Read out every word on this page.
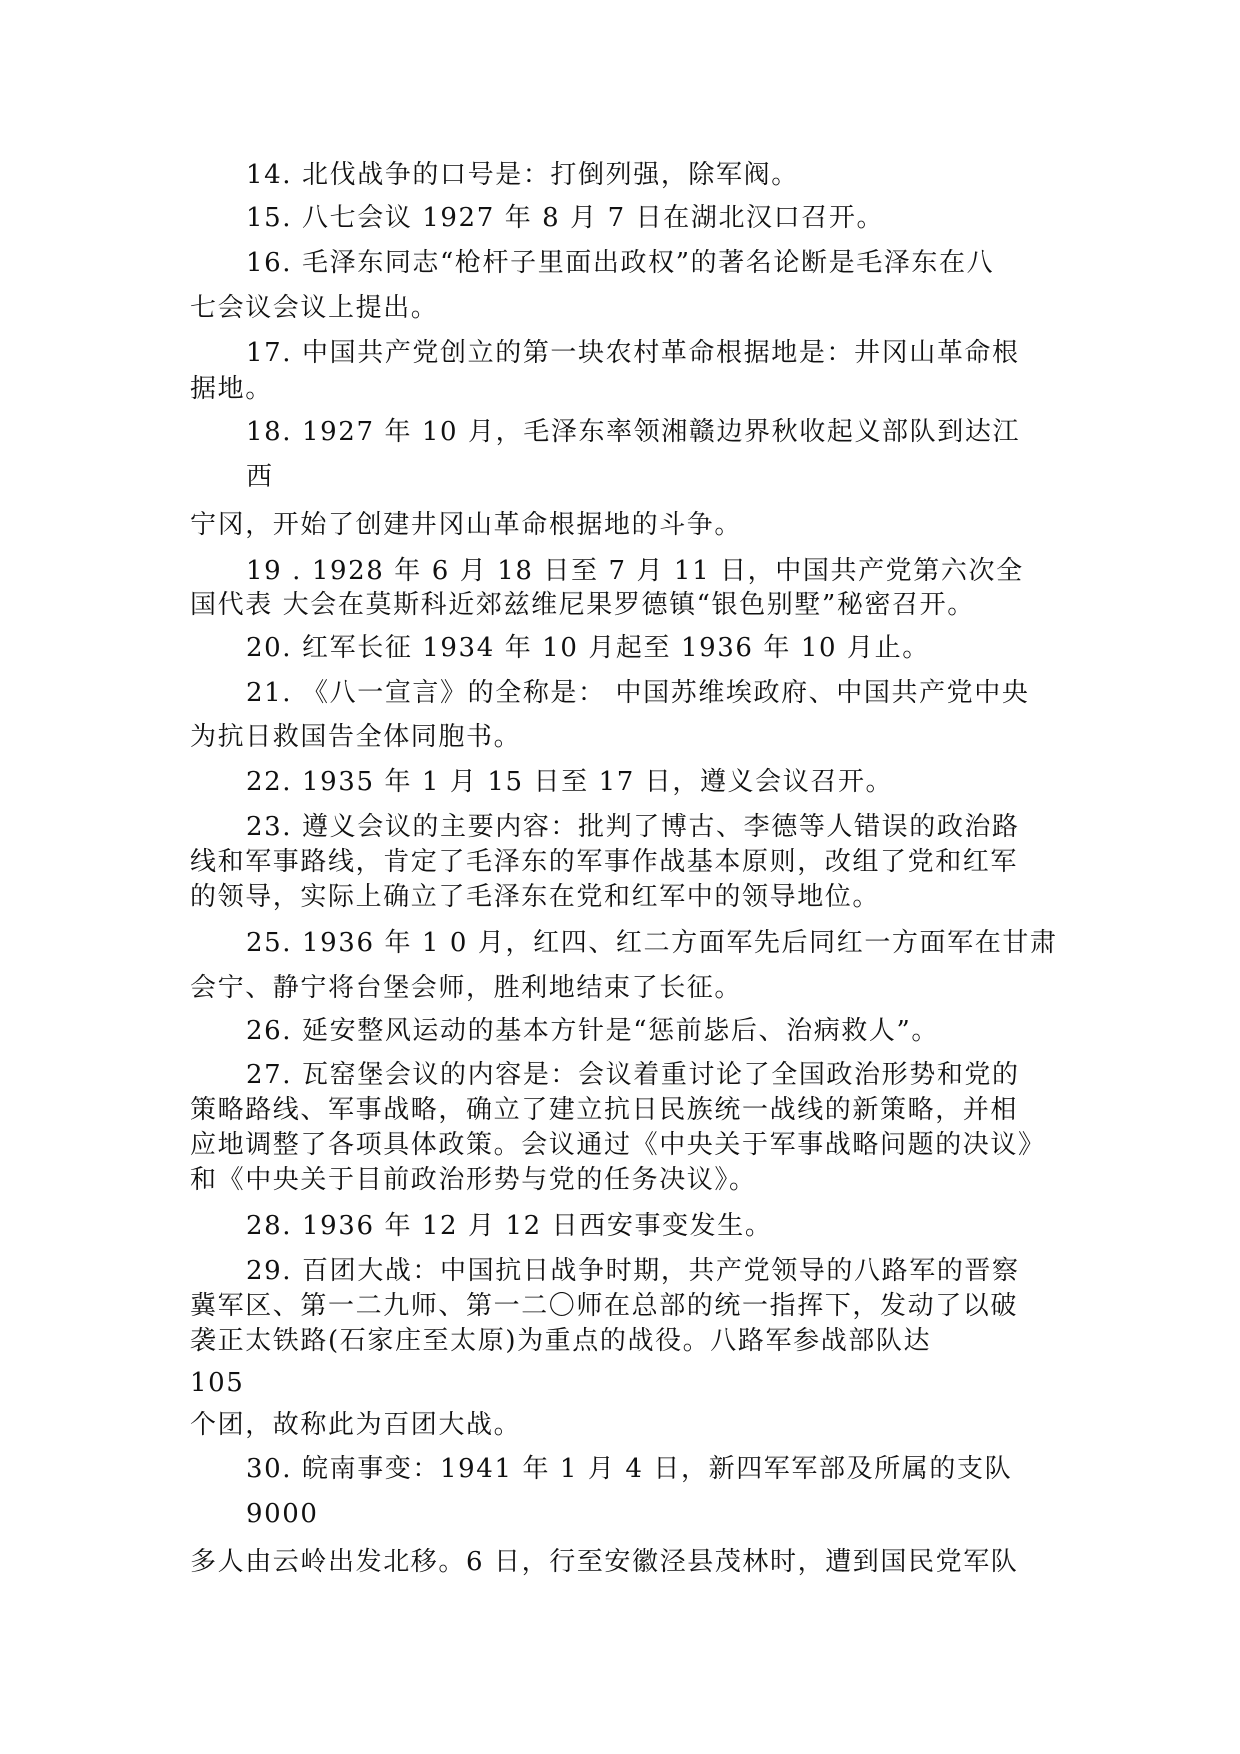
14. 北伐战争的口号是：打倒列强，除军阀。
15. 八七会议 1927 年 8 月 7 日在湖北汉口召开。
16. 毛泽东同志“枪杆子里面出政权”的著名论断是毛泽东在八
七会议会议上提出。
17. 中国共产党创立的第一块农村革命根据地是：井冈山革命根
据地。
18. 1927 年 10 月，毛泽东率领湘赣边界秋收起义部队到达江
西
宁冈，开始了创建井冈山革命根据地的斗争。
19 . 1928 年 6 月 18 日至 7 月 11 日，中国共产党第六次全
国代表 大会在莫斯科近郊兹维尼果罗德镇“银色别墅”秘密召开。
20. 红军长征 1934 年 10 月起至 1936 年 10 月止。
21. 《八一宣言》的全称是： 中国苏维埃政府、中国共产党中央
为抗日救国告全体同胞书。
22. 1935 年 1 月 15 日至 17 日，遵义会议召开。
23. 遵义会议的主要内容：批判了博古、李德等人错误的政治路
线和军事路线，肯定了毛泽东的军事作战基本原则，改组了党和红军
的领导，实际上确立了毛泽东在党和红军中的领导地位。
25. 1936 年 1 0 月，红四、红二方面军先后同红一方面军在甘肃
会宁、静宁将台堡会师，胜利地结束了长征。
26. 延安整风运动的基本方针是“惩前毖后、治病救人”。
27. 瓦窑堡会议的内容是：会议着重讨论了全国政治形势和党的
策略路线、军事战略，确立了建立抗日民族统一战线的新策略，并相
应地调整了各项具体政策。会议通过《中央关于军事战略问题的决议》
和《中央关于目前政治形势与党的任务决议》。
28. 1936 年 12 月 12 日西安事变发生。
29. 百团大战：中国抗日战争时期，共产党领导的八路军的晋察
冀军区、第一二九师、第一二〇师在总部的统一指挥下，发动了以破
袭正太铁路(石家庄至太原)为重点的战役。八路军参战部队达
105
个团，故称此为百团大战。
30. 皖南事变：1941 年 1 月 4 日，新四军军部及所属的支队
9000
多人由云岭出发北移。6 日，行至安徽泾县茂林时，遭到国民党军队
